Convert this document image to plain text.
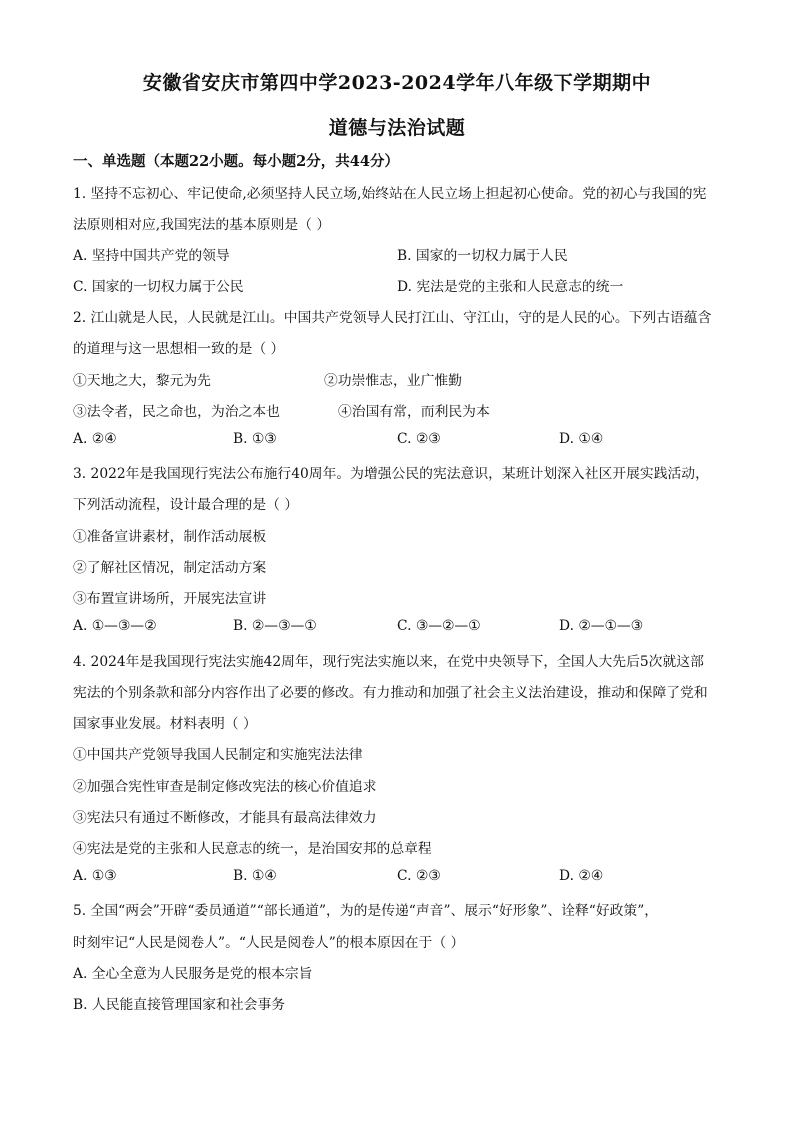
安徽省安庆市第四中学2023-2024学年八年级下学期期中
道德与法治试题
一、单选题（本题22小题。每小题2分，共44分）
1. 坚持不忘初心、牢记使命,必须坚持人民立场,始终站在人民立场上担起初心使命。党的初心与我国的宪
法原则相对应,我国宪法的基本原则是（ ）
A. 坚持中国共产党的领导	B. 国家的一切权力属于人民
C. 国家的一切权力属于公民	D. 宪法是党的主张和人民意志的统一
2. 江山就是人民，人民就是江山。中国共产党领导人民打江山、守江山，守的是人民的心。下列古语蕴含
的道理与这一思想相一致的是（ ）
①天地之大，黎元为先	②功崇惟志，业广惟勤
③法令者，民之命也，为治之本也	④治国有常，而利民为本
A. ②④	B. ①③	C. ②③	D. ①④
3. 2022年是我国现行宪法公布施行40周年。为增强公民的宪法意识，某班计划深入社区开展实践活动，
下列活动流程，设计最合理的是（ ）
①准备宣讲素材，制作活动展板
②了解社区情况，制定活动方案
③布置宣讲场所，开展宪法宣讲
A. ①—③—②	B. ②—③—①	C. ③—②—①	D. ②—①—③
4. 2024年是我国现行宪法实施42周年，现行宪法实施以来，在党中央领导下，全国人大先后5次就这部
宪法的个别条款和部分内容作出了必要的修改。有力推动和加强了社会主义法治建设，推动和保障了党和
国家事业发展。材料表明（ ）
①中国共产党领导我国人民制定和实施宪法法律
②加强合宪性审查是制定修改宪法的核心价值追求
③宪法只有通过不断修改，才能具有最高法律效力
④宪法是党的主张和人民意志的统一，是治国安邦的总章程
A. ①③	B. ①④	C. ②③	D. ②④
5. 全国“两会”开辟“委员通道”“部长通道”，为的是传递“声音”、展示“好形象”、诠释“好政策”，
时刻牢记“人民是阅卷人”。“人民是阅卷人”的根本原因在于（ ）
A. 全心全意为人民服务是党的根本宗旨
B. 人民能直接管理国家和社会事务
